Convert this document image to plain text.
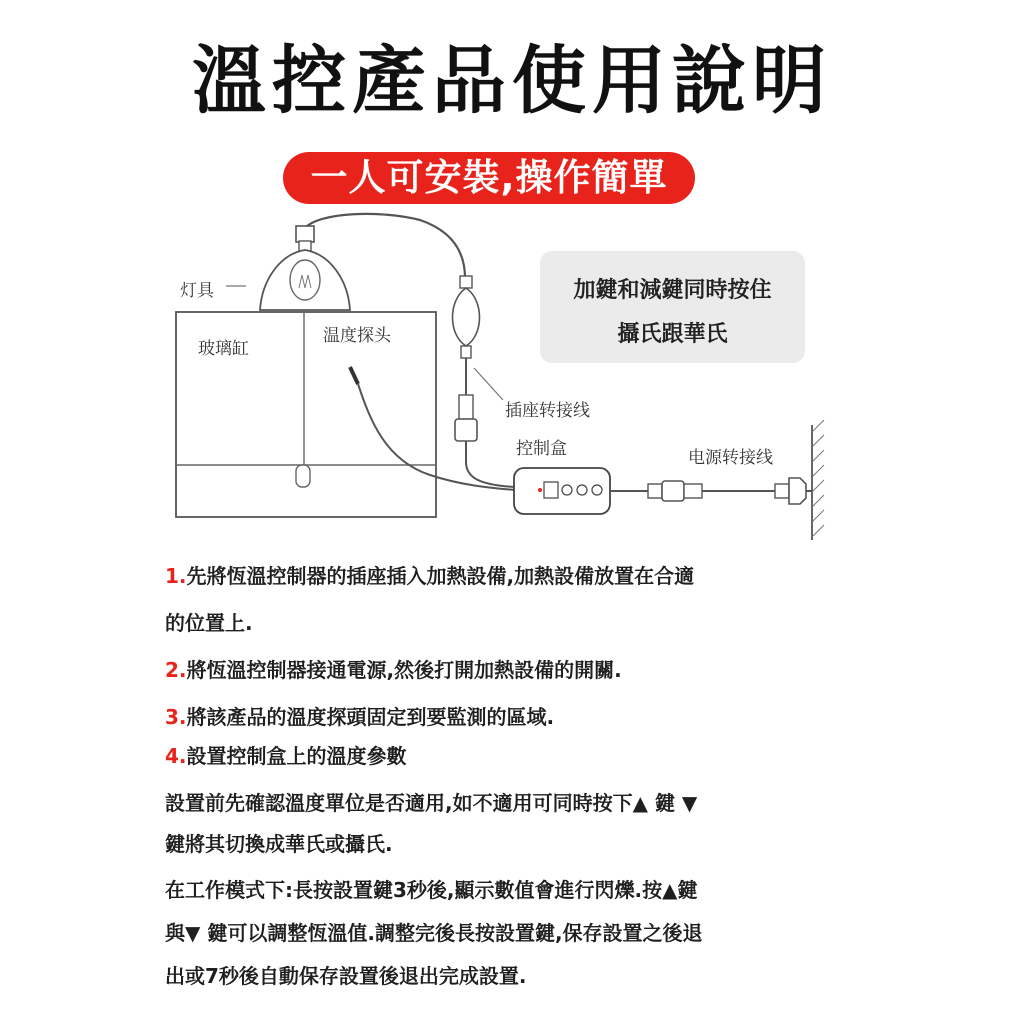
溫控產品使用說明
一人可安裝,操作簡單
加鍵和減鍵同時按住
攝氏跟華氏
灯具
玻璃缸
温度探头
插座转接线
控制盒	电源转接线
1.先將恆溫控制器的插座插入加熱設備,加熱設備放置在合適
的位置上.
2.將恆溫控制器接通電源,然後打開加熱設備的開關.
3.將該產品的溫度探頭固定到要監測的區域.
4.設置控制盒上的溫度參數
設置前先確認溫度單位是否適用,如不適用可同時按下▲ 鍵 ▼
鍵將其切換成華氏或攝氏.
在工作模式下:長按設置鍵3秒後,顯示數值會進行閃爍.按▲鍵
與▼ 鍵可以調整恆溫值.調整完後長按設置鍵,保存設置之後退
出或7秒後自動保存設置後退出完成設置.
